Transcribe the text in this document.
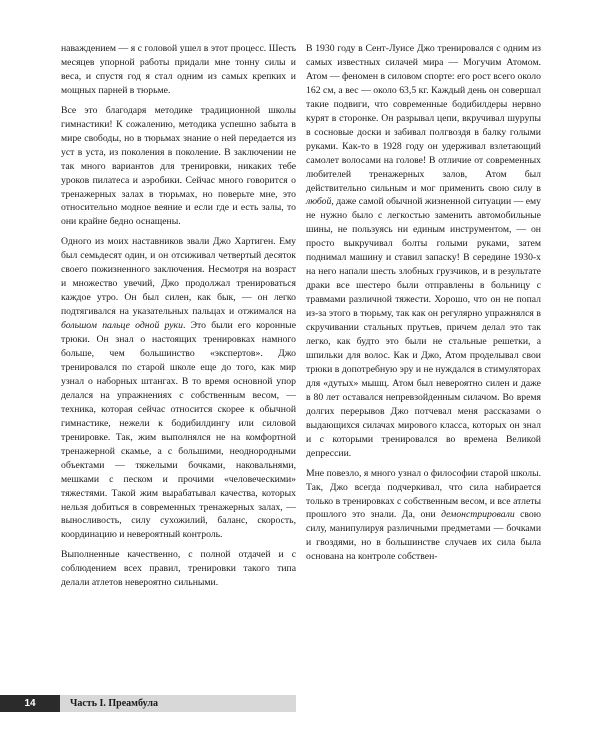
наваждением — я с головой ушел в этот процесс. Шесть месяцев упорной работы придали мне тонну силы и веса, и спустя год я стал одним из самых крепких и мощных парней в тюрьме.

Все это благодаря методике традиционной школы гимнастики! К сожалению, методика успешно забыта в мире свободы, но в тюрьмах знание о ней передается из уст в уста, из поколения в поколение. В заключении не так много вариантов для тренировки, никаких тебе уроков пилатеса и аэробики. Сейчас много говорится о тренажерных залах в тюрьмах, но поверьте мне, это относительно модное веяние и если где и есть залы, то они крайне бедно оснащены.

Одного из моих наставников звали Джо Хартиген. Ему был семьдесят один, и он отсиживал четвертый десяток своего пожизненного заключения. Несмотря на возраст и множество увечий, Джо продолжал тренироваться каждое утро. Он был силен, как бык, — он легко подтягивался на указательных пальцах и отжимался на большом пальце одной руки. Это были его коронные трюки. Он знал о настоящих тренировках намного больше, чем большинство «экспертов». Джо тренировался по старой школе еще до того, как мир узнал о наборных штангах. В то время основной упор делался на упражнениях с собственным весом, — техника, которая сейчас относится скорее к обычной гимнастике, нежели к бодибилдингу или силовой тренировке. Так, жим выполнялся не на комфортной тренажерной скамье, а с большими, неоднородными объектами — тяжелыми бочками, наковальнями, мешками с песком и прочими «человеческими» тяжестями. Такой жим вырабатывал качества, которых нельзя добиться в современных тренажерных залах, — выносливость, силу сухожилий, баланс, скорость, координацию и невероятный контроль.

Выполненные качественно, с полной отдачей и с соблюдением всех правил, тренировки такого типа делали атлетов невероятно сильными.

В 1930 году в Сент-Луисе Джо тренировался с одним из самых известных силачей мира — Могучим Атомом. Атом — феномен в силовом спорте: его рост всего около 162 см, а вес — около 63,5 кг. Каждый день он совершал такие подвиги, что современные бодибилдеры нервно курят в сторонке. Он разрывал цепи, вкручивал шурупы в сосновые доски и забивал полгвоздя в балку голыми руками. Как-то в 1928 году он удерживал взлетающий самолет волосами на голове! В отличие от современных любителей тренажерных залов, Атом был действительно сильным и мог применить свою силу в любой, даже самой обычной жизненной ситуации — ему не нужно было с легкостью заменить автомобильные шины, не пользуясь ни единым инструментом, — он просто выкручивал болты голыми руками, затем поднимал машину и ставил запаску! В середине 1930-х на него напали шесть злобных грузчиков, и в результате драки все шестеро были отправлены в больницу с травмами различной тяжести. Хорошо, что он не попал из-за этого в тюрьму, так как он регулярно упражнялся в скручивании стальных прутьев, причем делал это так легко, как будто это были не стальные решетки, а шпильки для волос. Как и Джо, Атом проделывал свои трюки в допотребную эру и не нуждался в стимуляторах для «дутых» мышц. Атом был невероятно силен и даже в 80 лет оставался непревзойденным силачом. Во время долгих перерывов Джо потчевал меня рассказами о выдающихся силачах мирового класса, которых он знал и с которыми тренировался во времена Великой депрессии.

Мне повезло, я много узнал о философии старой школы. Так, Джо всегда подчеркивал, что сила набирается только в тренировках с собственным весом, и все атлеты прошлого это знали. Да, они демонстрировали свою силу, манипулируя различными предметами — бочками и гвоздями, но в большинстве случаев их сила была основана на контроле собствен-

14	Часть I. Преамбула
